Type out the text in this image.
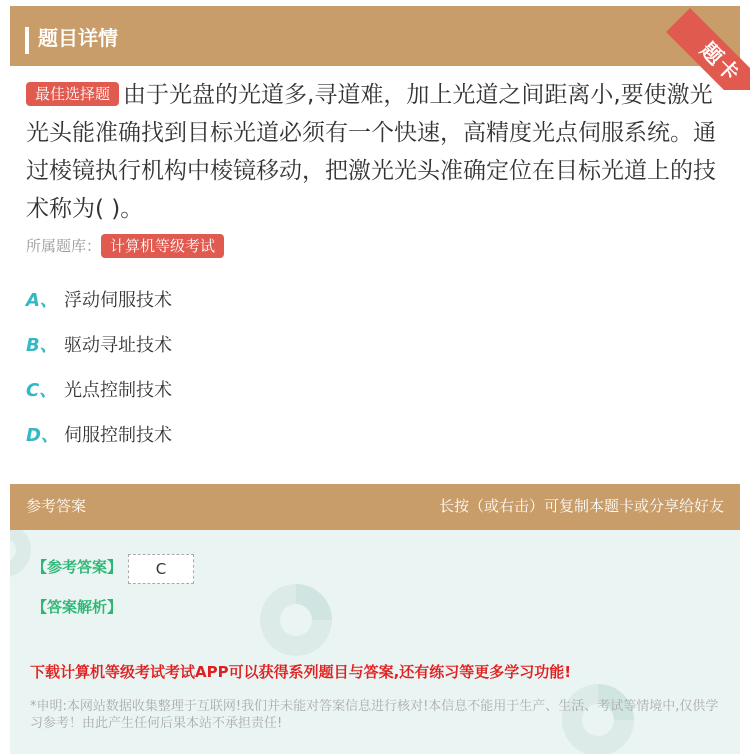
题目详情	题卡
最佳选择题 由于光盘的光道多,寻道难，加上光道之间距离小,要使激光光头能准确找到目标光道必须有一个快速，高精度光点伺服系统。通过棱镜执行机构中棱镜移动，把激光光头准确定位在目标光道上的技术称为( )。
所属题库： 计算机等级考试
A、 浮动伺服技术
B、 驱动寻址技术
C、 光点控制技术
D、 伺服控制技术
参考答案	长按（或右击）可复制本题卡或分享给好友
【参考答案】	C
【答案解析】
下载计算机等级考试考试APP可以获得系列题目与答案,还有练习等更多学习功能!
*申明:本网站数据收集整理于互联网!我们并未能对答案信息进行核对!本信息不能用于生产、生活、考试等情境中,仅供学习参考！由此产生任何后果本站不承担责任!
